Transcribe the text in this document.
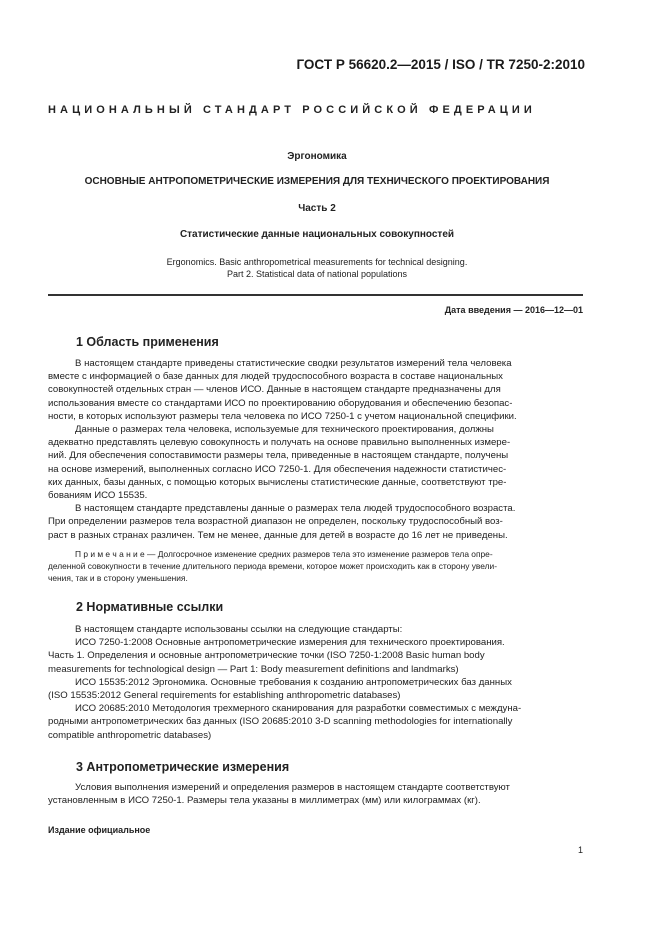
ГОСТ Р 56620.2—2015 / ISO / TR 7250-2:2010
НАЦИОНАЛЬНЫЙ СТАНДАРТ РОССИЙСКОЙ ФЕДЕРАЦИИ
Эргономика
ОСНОВНЫЕ АНТРОПОМЕТРИЧЕСКИЕ ИЗМЕРЕНИЯ ДЛЯ ТЕХНИЧЕСКОГО ПРОЕКТИРОВАНИЯ
Часть 2
Статистические данные национальных совокупностей
Ergonomics. Basic anthropometrical measurements for technical designing.
Part 2. Statistical data of national populations
Дата введения — 2016—12—01
1 Область применения
В настоящем стандарте приведены статистические сводки результатов измерений тела человека
вместе с информацией о базе данных для людей трудоспособного возраста в составе национальных
совокупностей отдельных стран — членов ИСО. Данные в настоящем стандарте предназначены для
использования вместе со стандартами ИСО по проектированию оборудования и обеспечению безопас-
ности, в которых используют размеры тела человека по ИСО 7250-1 с учетом национальной специфики.
Данные о размерах тела человека, используемые для технического проектирования, должны
адекватно представлять целевую совокупность и получать на основе правильно выполненных измере-
ний. Для обеспечения сопоставимости размеры тела, приведенные в настоящем стандарте, получены
на основе измерений, выполненных согласно ИСО 7250-1. Для обеспечения надежности статистичес-
ких данных, базы данных, с помощью которых вычислены статистические данные, соответствуют тре-
бованиям ИСО 15535.
В настоящем стандарте представлены данные о размерах тела людей трудоспособного возраста.
При определении размеров тела возрастной диапазон не определен, поскольку трудоспособный воз-
раст в разных странах различен. Тем не менее, данные для детей в возрасте до 16 лет не приведены.
П р и м е ч а н и е — Долгосрочное изменение средних размеров тела это изменение размеров тела опре-
деленной совокупности в течение длительного периода времени, которое может происходить как в сторону увели-
чения, так и в сторону уменьшения.
2 Нормативные ссылки
В настоящем стандарте использованы ссылки на следующие стандарты:
ИСО 7250-1:2008 Основные антропометрические измерения для технического проектирования.
Часть 1. Определения и основные антропометрические точки (ISO 7250-1:2008 Basic human body
measurements for technological design — Part 1: Body measurement definitions and landmarks)
ИСО 15535:2012 Эргономика. Основные требования к созданию антропометрических баз данных
(ISO 15535:2012 General requirements for establishing anthropometric databases)
ИСО 20685:2010 Методология трехмерного сканирования для разработки совместимых с междуна-
родными антропометрических баз данных (ISO 20685:2010 3-D scanning methodologies for internationally
compatible anthropometric databases)
3 Антропометрические измерения
Условия выполнения измерений и определения размеров в настоящем стандарте соответствуют
установленным в ИСО 7250-1. Размеры тела указаны в миллиметрах (мм) или килограммах (кг).
Издание официальное
1
